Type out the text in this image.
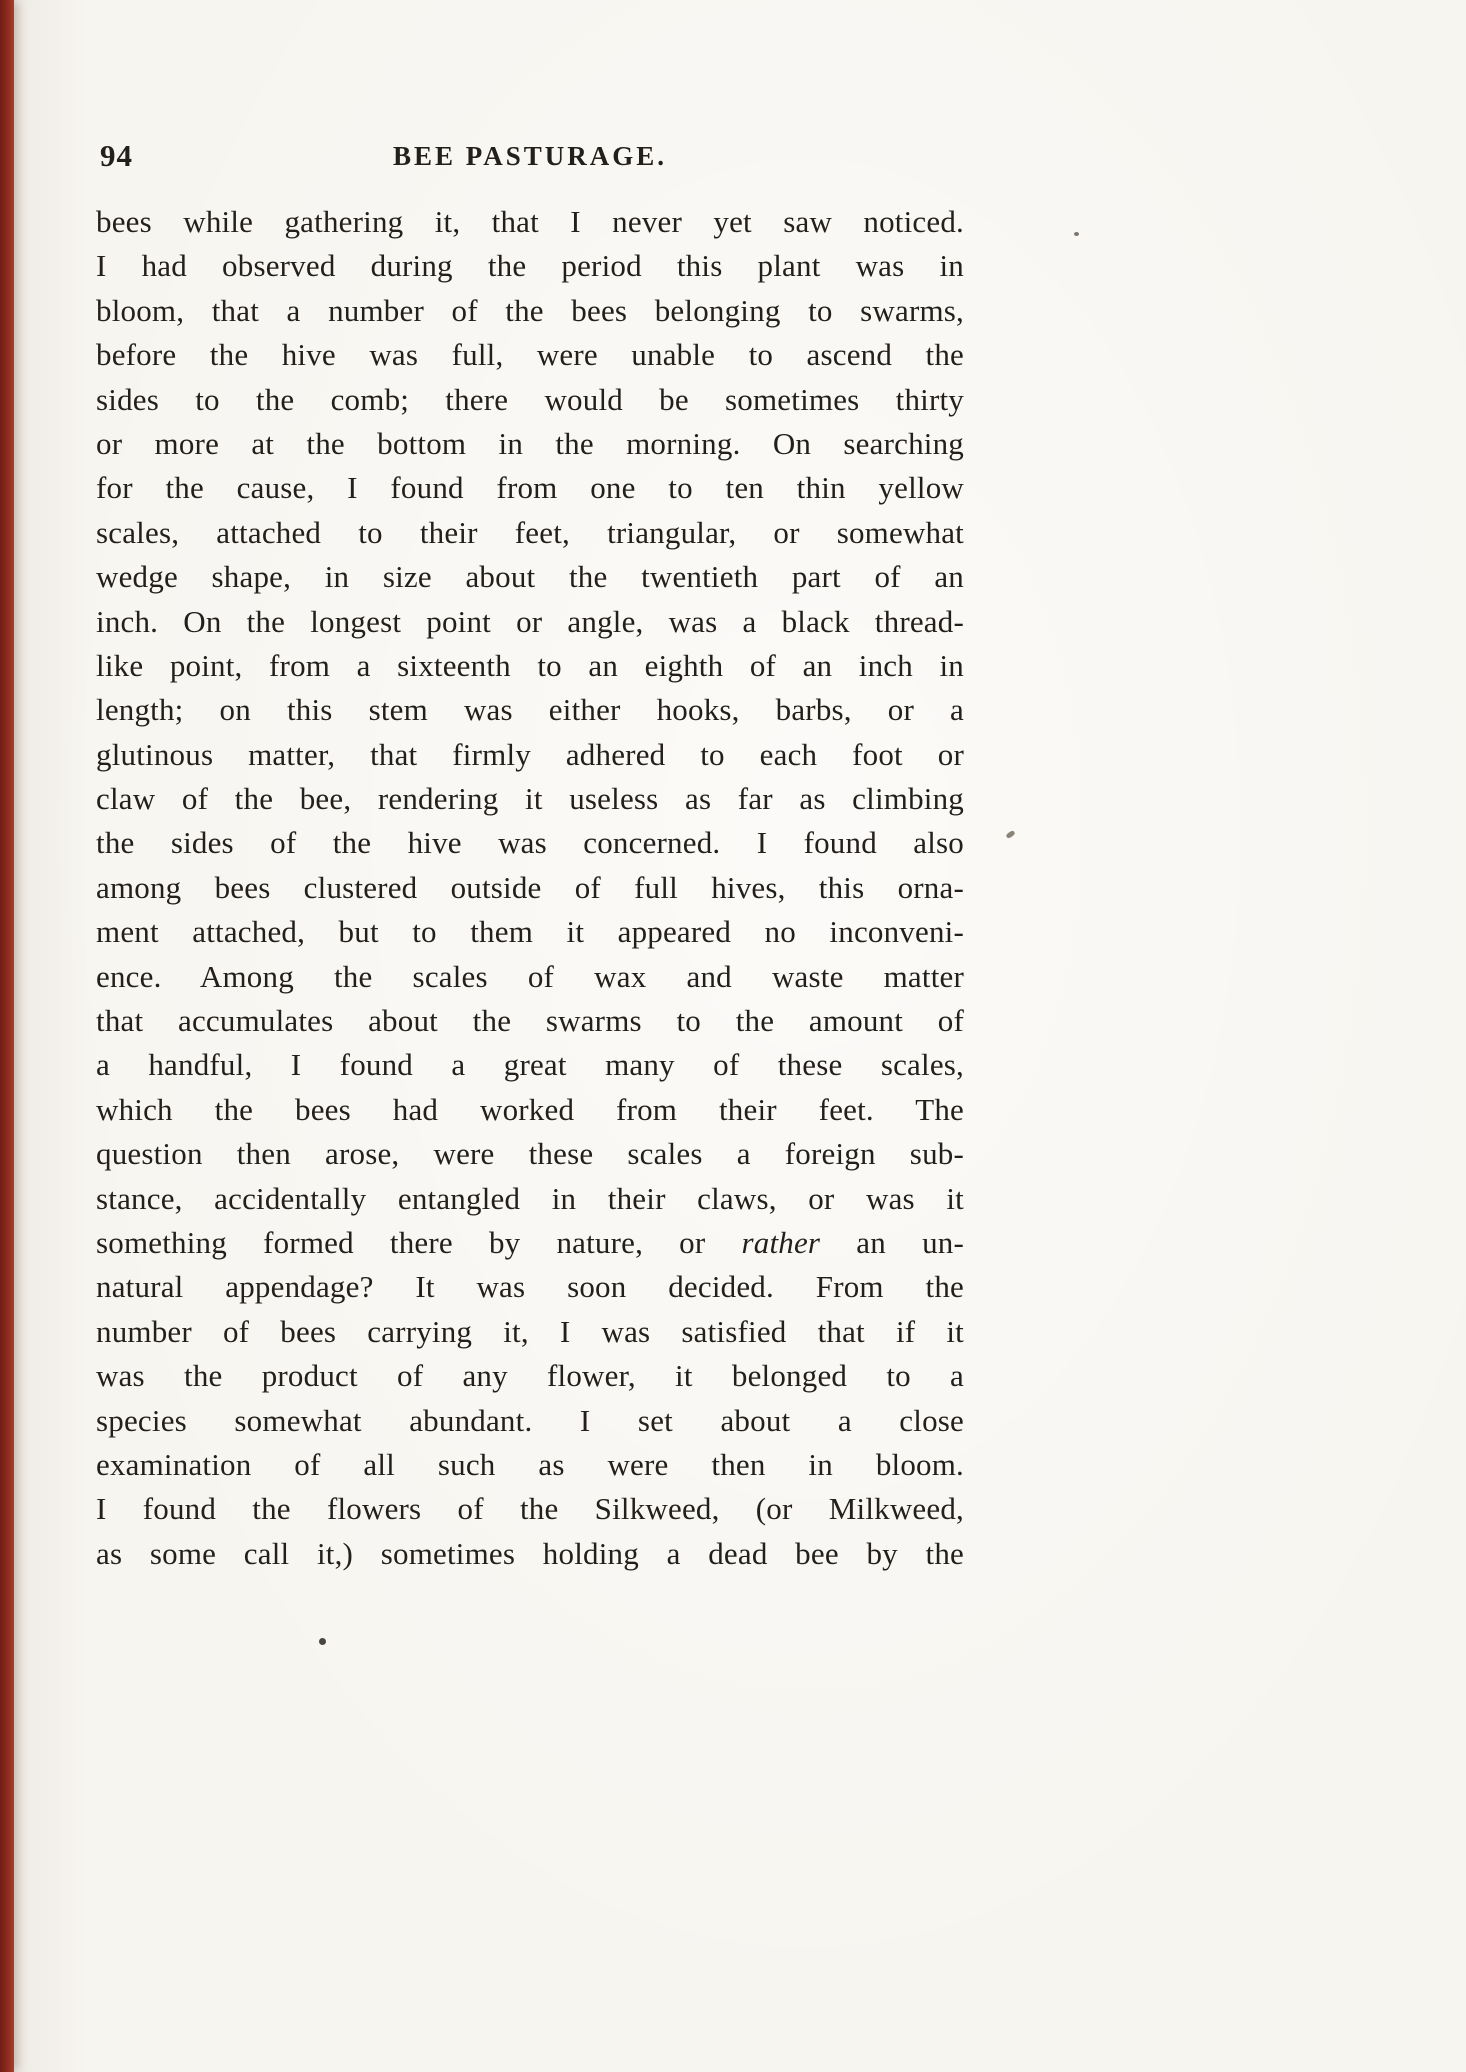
94	BEE PASTURAGE.
bees while gathering it, that I never yet saw noticed.
I had observed during the period this plant was in
bloom, that a number of the bees belonging to swarms,
before the hive was full, were unable to ascend the
sides to the comb; there would be sometimes thirty
or more at the bottom in the morning. On searching
for the cause, I found from one to ten thin yellow
scales, attached to their feet, triangular, or somewhat
wedge shape, in size about the twentieth part of an
inch. On the longest point or angle, was a black thread-
like point, from a sixteenth to an eighth of an inch in
length; on this stem was either hooks, barbs, or a
glutinous matter, that firmly adhered to each foot or
claw of the bee, rendering it useless as far as climbing
the sides of the hive was concerned. I found also
among bees clustered outside of full hives, this orna-
ment attached, but to them it appeared no inconveni-
ence. Among the scales of wax and waste matter
that accumulates about the swarms to the amount of
a handful, I found a great many of these scales,
which the bees had worked from their feet. The
question then arose, were these scales a foreign sub-
stance, accidentally entangled in their claws, or was it
something formed there by nature, or rather an un-
natural appendage? It was soon decided. From the
number of bees carrying it, I was satisfied that if it
was the product of any flower, it belonged to a
species somewhat abundant. I set about a close
examination of all such as were then in bloom.
I found the flowers of the Silkweed, (or Milkweed,
as some call it,) sometimes holding a dead bee by the
